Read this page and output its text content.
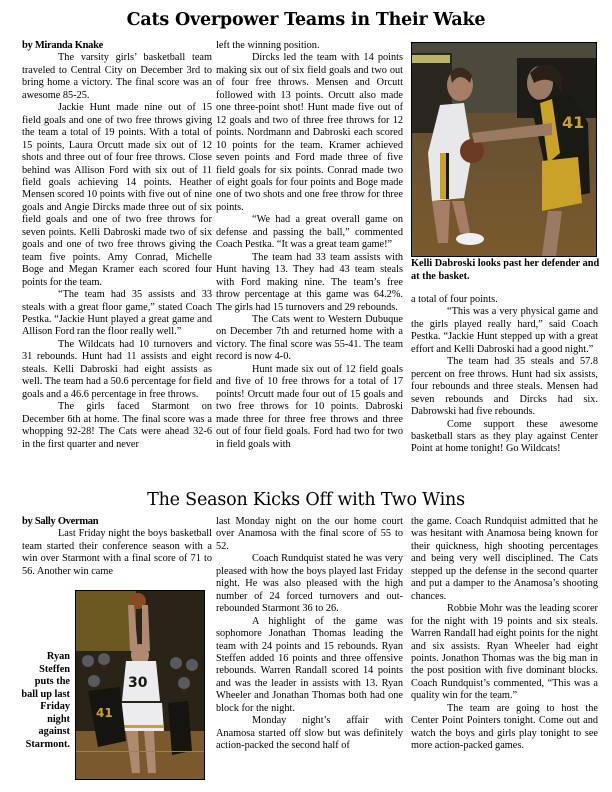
Cats Overpower Teams in Their Wake
by Miranda Knake

The varsity girls’ basketball team traveled to Central City on December 3rd to bring home a victory. The final score was an awesome 85-25.

Jackie Hunt made nine out of 15 field goals and one of two free throws giving the team a total of 19 points. With a total of 15 points, Laura Orcutt made six out of 12 shots and three out of four free throws. Close behind was Allison Ford with six out of 11 field goals achieving 14 points. Heather Mensen scored 10 points with five out of nine goals and Angie Dircks made three out of six field goals and one of two free throws for seven points. Kelli Dabroski made two of six goals and one of two free throws giving the team five points. Amy Conrad, Michelle Boge and Megan Kramer each scored four points for the team.

“The team had 35 assists and 33 steals with a great floor game,” stated Coach Pestka. “Jackie Hunt played a great game and Allison Ford ran the floor really well.”

The Wildcats had 10 turnovers and 31 rebounds. Hunt had 11 assists and eight steals. Kelli Dabroski had eight assists as well. The team had a 50.6 percentage for field goals and a 46.6 percentage in free throws.

The girls faced Starmont on December 6th at home. The final score was a whopping 92-28! The Cats were ahead 32-6 in the first quarter and never

left the winning position.

Dircks led the team with 14 points making six out of six field goals and two out of four free throws. Mensen and Orcutt followed with 13 points. Orcutt also made one three-point shot! Hunt made five out of 12 goals and two of three free throws for 12 points. Nordmann and Dabroski each scored 10 points for the team. Kramer achieved seven points and Ford made three of five field goals for six points. Conrad made two of eight goals for four points and Boge made one of two shots and one free throw for three points.

“We had a great overall game on defense and passing the ball,” commented Coach Pestka. “It was a great team game!”

The team had 33 team assists with Hunt having 13. They had 43 team steals with Ford making nine. The team’s free throw percentage at this game was 64.2%. The girls had 15 turnovers and 29 rebounds.

The Cats went to Western Dubuque on December 7th and returned home with a victory. The final score was 55-41. The team record is now 4-0.

Hunt made six out of 12 field goals and five of 10 free throws for a total of 17 points! Orcutt made four out of 15 goals and two free throws for 10 points. Dabroski made three for three free throws and three out of four field goals. Ford had two for two in field goals with

41
Kelli Dabroski looks past her defender and at the basket.

a total of four points.

“This was a very physical game and the girls played really hard,” said Coach Pestka. “Jackie Hunt stepped up with a great effort and Kelli Dabroski had a good night.”

The team had 35 steals and 57.8 percent on free throws. Hunt had six assists, four rebounds and three steals. Mensen had seven rebounds and Dircks had six. Dabrowski had five rebounds.

Come support these awesome basketball stars as they play against Center Point at home tonight! Go Wildcats!

The Season Kicks Off with Two Wins
by Sally Overman

Last Friday night the boys basketball team started their conference season with a win over Starmont with a final score of 71 to 56. Another win came

Ryan Steffen puts the ball up last Friday night against Starmont.
30
41

last Monday night on the our home court over Anamosa with the final score of 55 to 52.

Coach Rundquist stated he was very pleased with how the boys played last Friday night. He was also pleased with the high number of 24 forced turnovers and out-rebounded Starmont 36 to 26.

A highlight of the game was sophomore Jonathan Thomas leading the team with 24 points and 15 rebounds. Ryan Steffen added 16 points and three offensive rebounds. Warren Randall scored 14 points and was the leader in assists with 13. Ryan Wheeler and Jonathan Thomas both had one block for the night.

Monday night’s affair with Anamosa started off slow but was definitely action-packed the second half of

the game. Coach Rundquist admitted that he was hesitant with Anamosa being known for their quickness, high shooting percentages and being very well disciplined. The Cats stepped up the defense in the second quarter and put a damper to the Anamosa’s shooting chances.

Robbie Mohr was the leading scorer for the night with 19 points and six steals. Warren Randall had eight points for the night and six assists. Ryan Wheeler had eight points. Jonathon Thomas was the big man in the post position with five dominant blocks. Coach Rundquist’s commented, “This was a quality win for the team.”

The team are going to host the Center Point Pointers tonight. Come out and watch the boys and girls play tonight to see more action-packed games.
